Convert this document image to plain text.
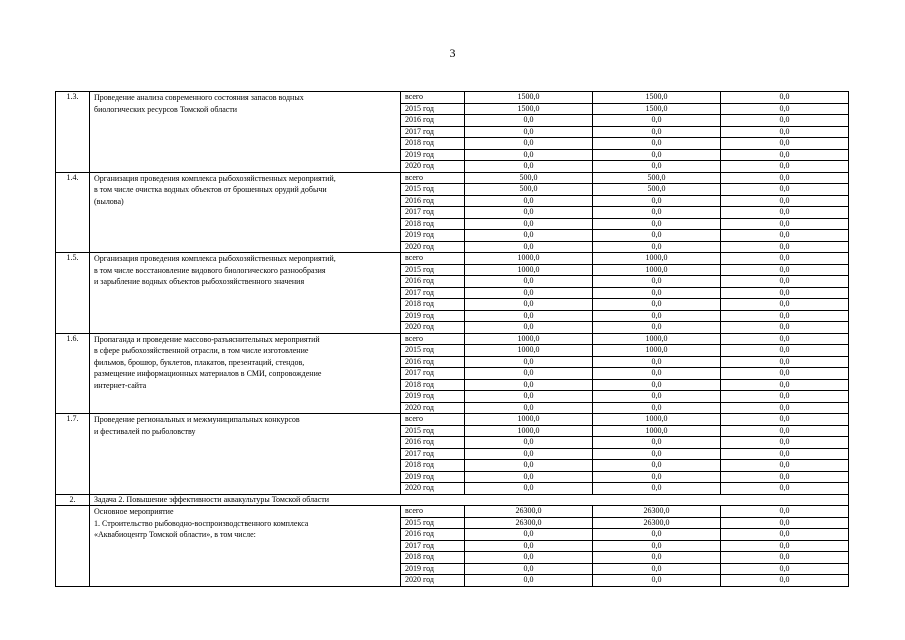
3
1.3.	Проведение анализа современного состояния запасов водных
биологических ресурсов Томской области	всего	1500,0	1500,0	0,0
		2015 год	1500,0	1500,0	0,0
		2016 год	0,0	0,0	0,0
		2017 год	0,0	0,0	0,0
		2018 год	0,0	0,0	0,0
		2019 год	0,0	0,0	0,0
		2020 год	0,0	0,0	0,0
1.4.	Организация проведения комплекса рыбохозяйственных мероприятий,
в том числе очистка водных объектов от брошенных орудий добычи
(вылова)	всего	500,0	500,0	0,0
		2015 год	500,0	500,0	0,0
		2016 год	0,0	0,0	0,0
		2017 год	0,0	0,0	0,0
		2018 год	0,0	0,0	0,0
		2019 год	0,0	0,0	0,0
		2020 год	0,0	0,0	0,0
1.5.	Организация проведения комплекса рыбохозяйственных мероприятий,
в том числе восстановление видового биологического разнообразия
и зарыбление водных объектов рыбохозяйственного значения	всего	1000,0	1000,0	0,0
		2015 год	1000,0	1000,0	0,0
		2016 год	0,0	0,0	0,0
		2017 год	0,0	0,0	0,0
		2018 год	0,0	0,0	0,0
		2019 год	0,0	0,0	0,0
		2020 год	0,0	0,0	0,0
1.6.	Пропаганда и проведение массово-разъяснительных мероприятий
в сфере рыбохозяйственной отрасли, в том числе изготовление
фильмов, брошюр, буклетов, плакатов, презентаций, стендов,
размещение информационных материалов в СМИ, сопровождение
интернет-сайта	всего	1000,0	1000,0	0,0
		2015 год	1000,0	1000,0	0,0
		2016 год	0,0	0,0	0,0
		2017 год	0,0	0,0	0,0
		2018 год	0,0	0,0	0,0
		2019 год	0,0	0,0	0,0
		2020 год	0,0	0,0	0,0
1.7.	Проведение региональных и межмуниципальных конкурсов
и фестивалей по рыболовству	всего	1000,0	1000,0	0,0
		2015 год	1000,0	1000,0	0,0
		2016 год	0,0	0,0	0,0
		2017 год	0,0	0,0	0,0
		2018 год	0,0	0,0	0,0
		2019 год	0,0	0,0	0,0
		2020 год	0,0	0,0	0,0
2.	Задача 2. Повышение эффективности аквакультуры Томской области				

	Основное мероприятие
1. Строительство рыбоводно-воспроизводственного комплекса
«Аквабиоцентр Томской области», в том числе:	всего	26300,0	26300,0	0,0
		2015 год	26300,0	26300,0	0,0
		2016 год	0,0	0,0	0,0
		2017 год	0,0	0,0	0,0
		2018 год	0,0	0,0	0,0
		2019 год	0,0	0,0	0,0
		2020 год	0,0	0,0	0,0
